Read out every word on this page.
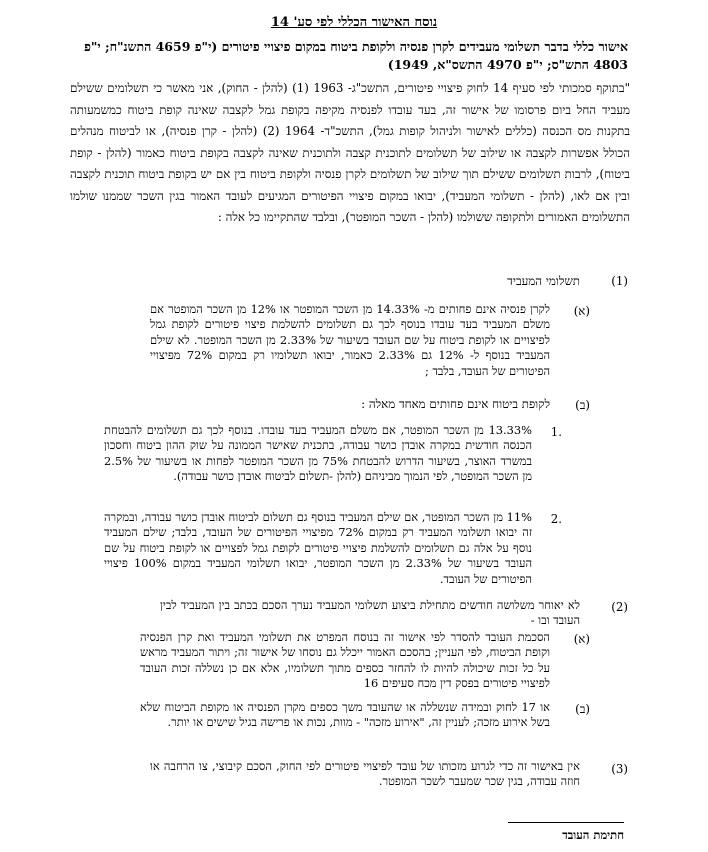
נוסח האישור הכללי לפי סע' 14
אישור כללי בדבר תשלומי מעבידים לקרן פנסיה ולקופת ביטוח במקום פיצויי פיטורים (י"פ 4659 התשנ"ח; י"פ 4803 התש"ס; י"פ 4970 התשס"א, 1949)
"בתוקף סמכותי לפי סעיף 14 לחוק פיצויי פיטורים, התשכ"ג- 1963 (1) (להלן - החוק), אני מאשר כי תשלומים ששילם מעביד החל ביום פרסומו של אישור זה, בעד עובדו לפנסיה מקיפה בקופת גמל לקצבה שאינה קופת ביטוח כמשמעותה בתקנות מס הכנסה (כללים לאישור ולניהול קופות גמל), התשכ"ד- 1964 (2) (להלן - קרן פנסיה), או לביטוח מנהלים הכולל אפשרות לקצבה או שילוב של תשלומים לתוכנית קצבה ולתוכנית שאינה לקצבה בקופת ביטוח כאמור (להלן - קופת ביטוח), לרבות תשלומים ששילם תוך שילוב של תשלומים לקרן פנסיה ולקופת ביטוח בין אם יש בקופת ביטוח תוכנית לקצבה ובין אם לאו, (להלן - תשלומי המעביד), יבואו במקום פיצויי הפיטורים המגיעים לעובד האמור בגין השכר שממנו שולמו התשלומים האמורים ולתקופה ששולמו (להלן - השכר המופטר), ובלבד שהתקיימו כל אלה :
(1)
תשלומי המעביד
(א)
לקרן פנסיה אינם פחותים מ- 14.33% מן השכר המופטר או 12% מן השכר המופטר אם משלם המעביד בעד עובדו בנוסף לכך גם תשלומים להשלמת פיצוי פיטורים לקופת גמל לפיצויים או לקופת ביטוח על שם העובד בשיעור של 2.33% מן השכר המופטר. לא שילם המעביד בנוסף ל- 12% גם 2.33% כאמור, יבואו תשלומיו רק במקום 72% מפיצויי הפיטורים של העובד, בלבד ;
(ב)
לקופת ביטוח אינם פחותים מאחד מאלה :
.1
13.33% מן השכר המופטר, אם משלם המעביד בעד עובדו. בנוסף לכך גם תשלומים להבטחת הכנסה חודשית במקרה אובדן כושר עבודה, בתכנית שאישר הממונה על שוק ההון ביטוח וחסכון במשרד האוצר, בשיעור הדרוש להבטחת 75% מן השכר המופטר לפחות או בשיעור של 2.5% מן השכר המופטר, לפי הנמוך מביניהם (להלן -תשלום לביטוח אובדן כושר עבודה).
.2
11% מן השכר המופטר, אם שילם המעביד בנוסף גם תשלום לביטוח אובדן כושר עבודה, ובמקרה זה יבואו תשלומי המעביד רק במקום 72% מפיצויי הפיטורים של העובד, בלבד; שילם המעביד נוסף על אלה גם תשלומים להשלמת פיצויי פיטורים לקופת גמל לפצויים או לקופת ביטוח על שם העובד בשיעור של 2.33% מן השכר המופטר, יבואו תשלומי המעביד במקום 100% פיצויי הפיטורים של העובד.
(2)
לא יאוחר משלושה חודשים מתחילת ביצוע תשלומי המעביד נערך הסכם בכתב בין המעביד לבין העובד ובו -
(א)
הסכמת העובד להסדר לפי אישור זה בנוסח המפרט את תשלומי המעביד ואת קרן הפנסיה וקופת הביטוח, לפי העניין; בהסכם האמור ייכלל גם נוסחו של אישור זה; ויתור המעביד מראש על כל זכות שיכולה להיות לו להחזר כספים מתוך תשלומיו, אלא אם כן נשללה זכות העובד לפיצויי פיטורים בפסק דין מכח סעיפים 16
(ב)
או 17 לחוק ובמידה שנשללה או שהעובד משך כספים מקרן הפנסיה או מקופת הביטוח שלא בשל אירוע מזכה; לעניין זה, "אירוע מזכה" - מוות, נכות או פרישה בגיל שישים או יותר.
(3)
אין באישור זה כדי לגרוע מזכותו של עובד לפיצויי פיטורים לפי החוק, הסכם קיבוצי, צו הרחבה או חוזה עבודה, בגין שכר שמעבר לשכר המופטר.
חתימת העובד
